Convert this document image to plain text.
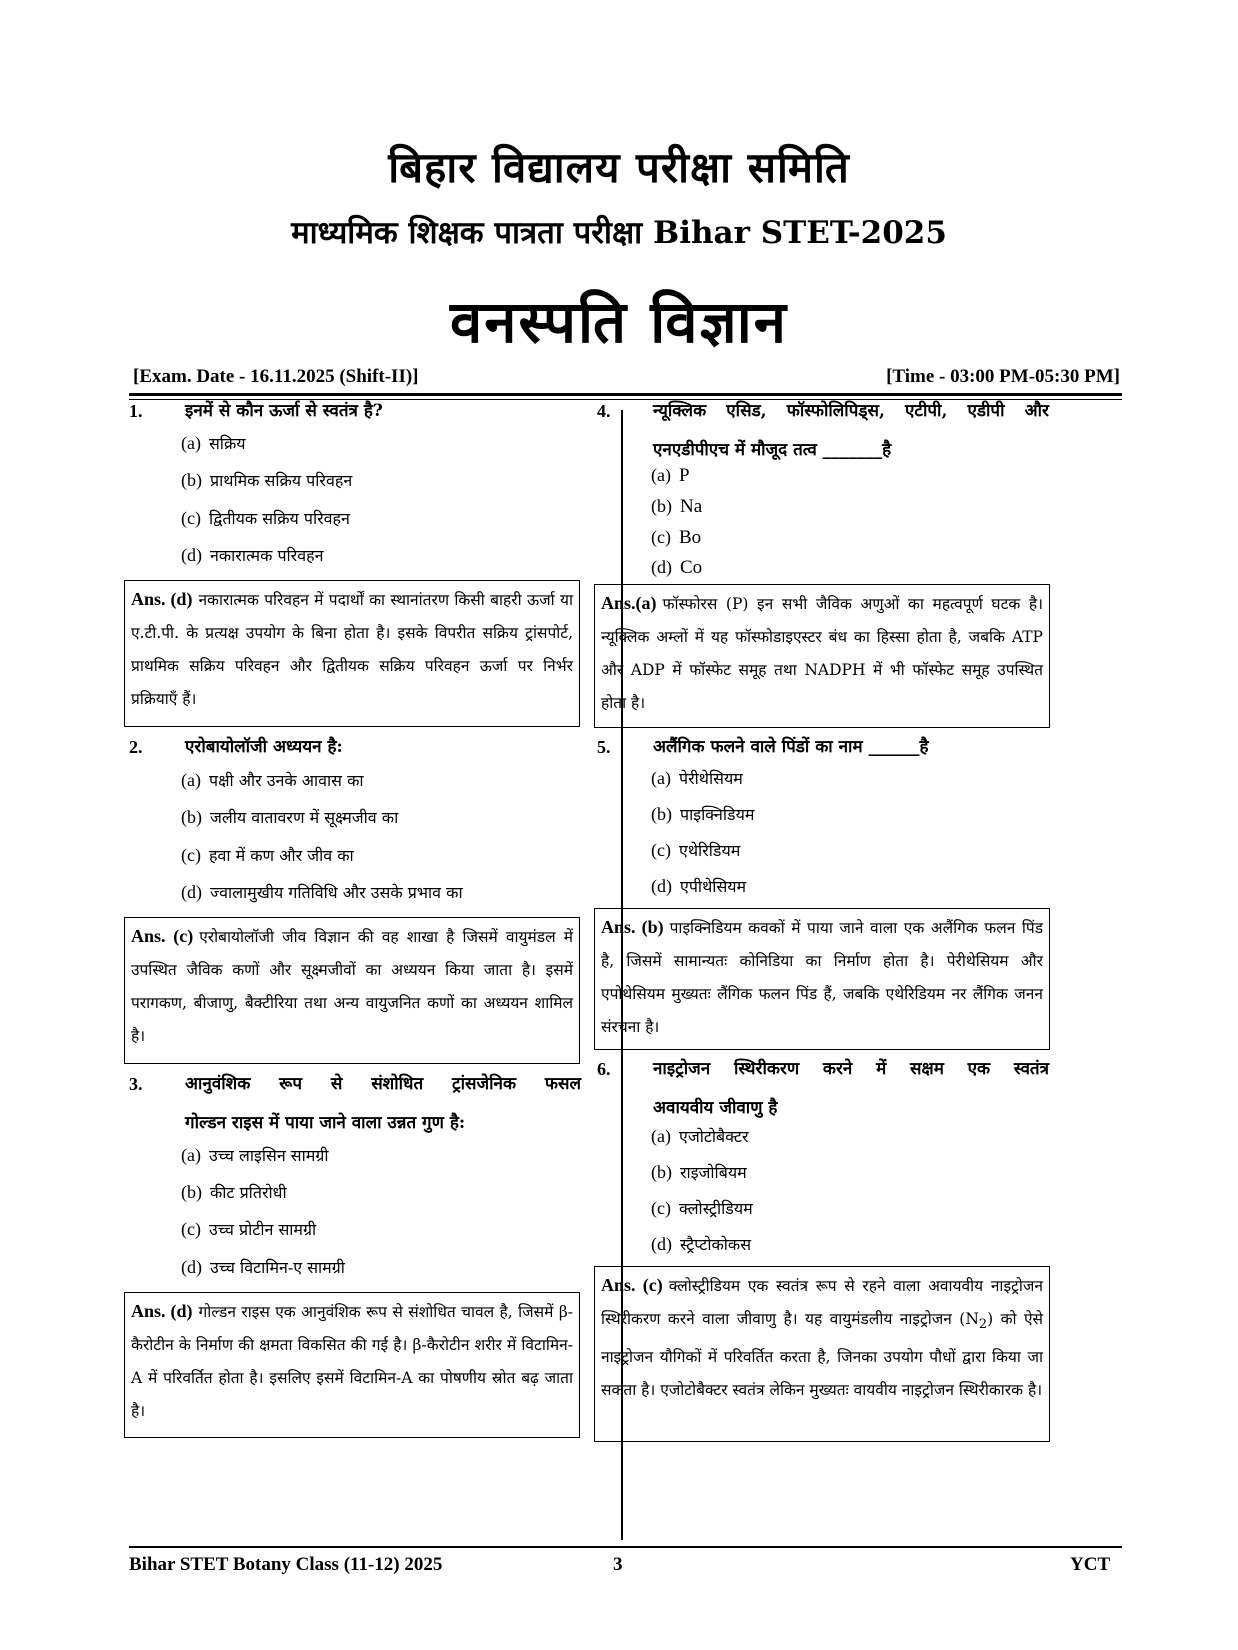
बिहार विद्यालय परीक्षा समिति
माध्यमिक शिक्षक पात्रता परीक्षा Bihar STET-2025
वनस्पति विज्ञान
[Exam. Date - 16.11.2025 (Shift-II)]	[Time - 03:00 PM-05:30 PM]
1.	इनमें से कौन ऊर्जा से स्वतंत्र है?
(a) सक्रिय
(b) प्राथमिक सक्रिय परिवहन
(c) द्वितीयक सक्रिय परिवहन
(d) नकारात्मक परिवहन

Ans. (d) नकारात्मक परिवहन में पदार्थों का स्थानांतरण किसी बाहरी ऊर्जा या ए.टी.पी. के प्रत्यक्ष उपयोग के बिना होता है। इसके विपरीत सक्रिय ट्रांसपोर्ट, प्राथमिक सक्रिय परिवहन और द्वितीयक सक्रिय परिवहन ऊर्जा पर निर्भर प्रक्रियाएँ हैं।

2.	एरोबायोलॉजी अध्ययन है:
(a) पक्षी और उनके आवास का
(b) जलीय वातावरण में सूक्ष्मजीव का
(c) हवा में कण और जीव का
(d) ज्वालामुखीय गतिविधि और उसके प्रभाव का

Ans. (c) एरोबायोलॉजी जीव विज्ञान की वह शाखा है जिसमें वायुमंडल में उपस्थित जैविक कणों और सूक्ष्मजीवों का अध्ययन किया जाता है। इसमें परागकण, बीजाणु, बैक्टीरिया तथा अन्य वायुजनित कणों का अध्ययन शामिल है।

3.	आनुवंशिक रूप से संशोधित ट्रांसजेनिक फसल
गोल्डन राइस में पाया जाने वाला उन्नत गुण है:
(a) उच्च लाइसिन सामग्री
(b) कीट प्रतिरोधी
(c) उच्च प्रोटीन सामग्री
(d) उच्च विटामिन-ए सामग्री

Ans. (d) गोल्डन राइस एक आनुवंशिक रूप से संशोधित चावल है, जिसमें β-कैरोटीन के निर्माण की क्षमता विकसित की गई है। β-कैरोटीन शरीर में विटामिन-A में परिवर्तित होता है। इसलिए इसमें विटामिन-A का पोषणीय स्रोत बढ़ जाता है।

4.	न्यूक्लिक एसिड, फॉस्फोलिपिड्स, एटीपी, एडीपी और
एनएडीपीएच में मौजूद तत्व _______है
(a) P
(b) Na
(c) Bo
(d) Co

Ans.(a) फॉस्फोरस (P) इन सभी जैविक अणुओं का महत्वपूर्ण घटक है। न्यूक्लिक अम्लों में यह फॉस्फोडाइएस्टर बंध का हिस्सा होता है, जबकि ATP और ADP में फॉस्फेट समूह तथा NADPH में भी फॉस्फेट समूह उपस्थित होता है।

5.	अलैंगिक फलने वाले पिंडों का नाम ______है
(a) पेरीथेसियम
(b) पाइक्निडियम
(c) एथेरिडियम
(d) एपीथेसियम

Ans. (b) पाइक्निडियम कवकों में पाया जाने वाला एक अलैंगिक फलन पिंड है, जिसमें सामान्यतः कोनिडिया का निर्माण होता है। पेरीथेसियम और एपोथेसियम मुख्यतः लैंगिक फलन पिंड हैं, जबकि एथेरिडियम नर लैंगिक जनन संरचना है।

6.	नाइट्रोजन स्थिरीकरण करने में सक्षम एक स्वतंत्र
अवायवीय जीवाणु है
(a) एजोटोबैक्टर
(b) राइजोबियम
(c) क्लोस्ट्रीडियम
(d) स्ट्रैप्टोकोकस

Ans. (c) क्लोस्ट्रीडियम एक स्वतंत्र रूप से रहने वाला अवायवीय नाइट्रोजन स्थिरीकरण करने वाला जीवाणु है। यह वायुमंडलीय नाइट्रोजन $(N_2)$ को ऐसे नाइट्रोजन यौगिकों में परिवर्तित करता है, जिनका उपयोग पौधों द्वारा किया जा सकता है। एजोटोबैक्टर स्वतंत्र लेकिन मुख्यतः वायवीय नाइट्रोजन स्थिरीकारक है।

Bihar STET Botany Class (11-12) 2025	3	YCT
